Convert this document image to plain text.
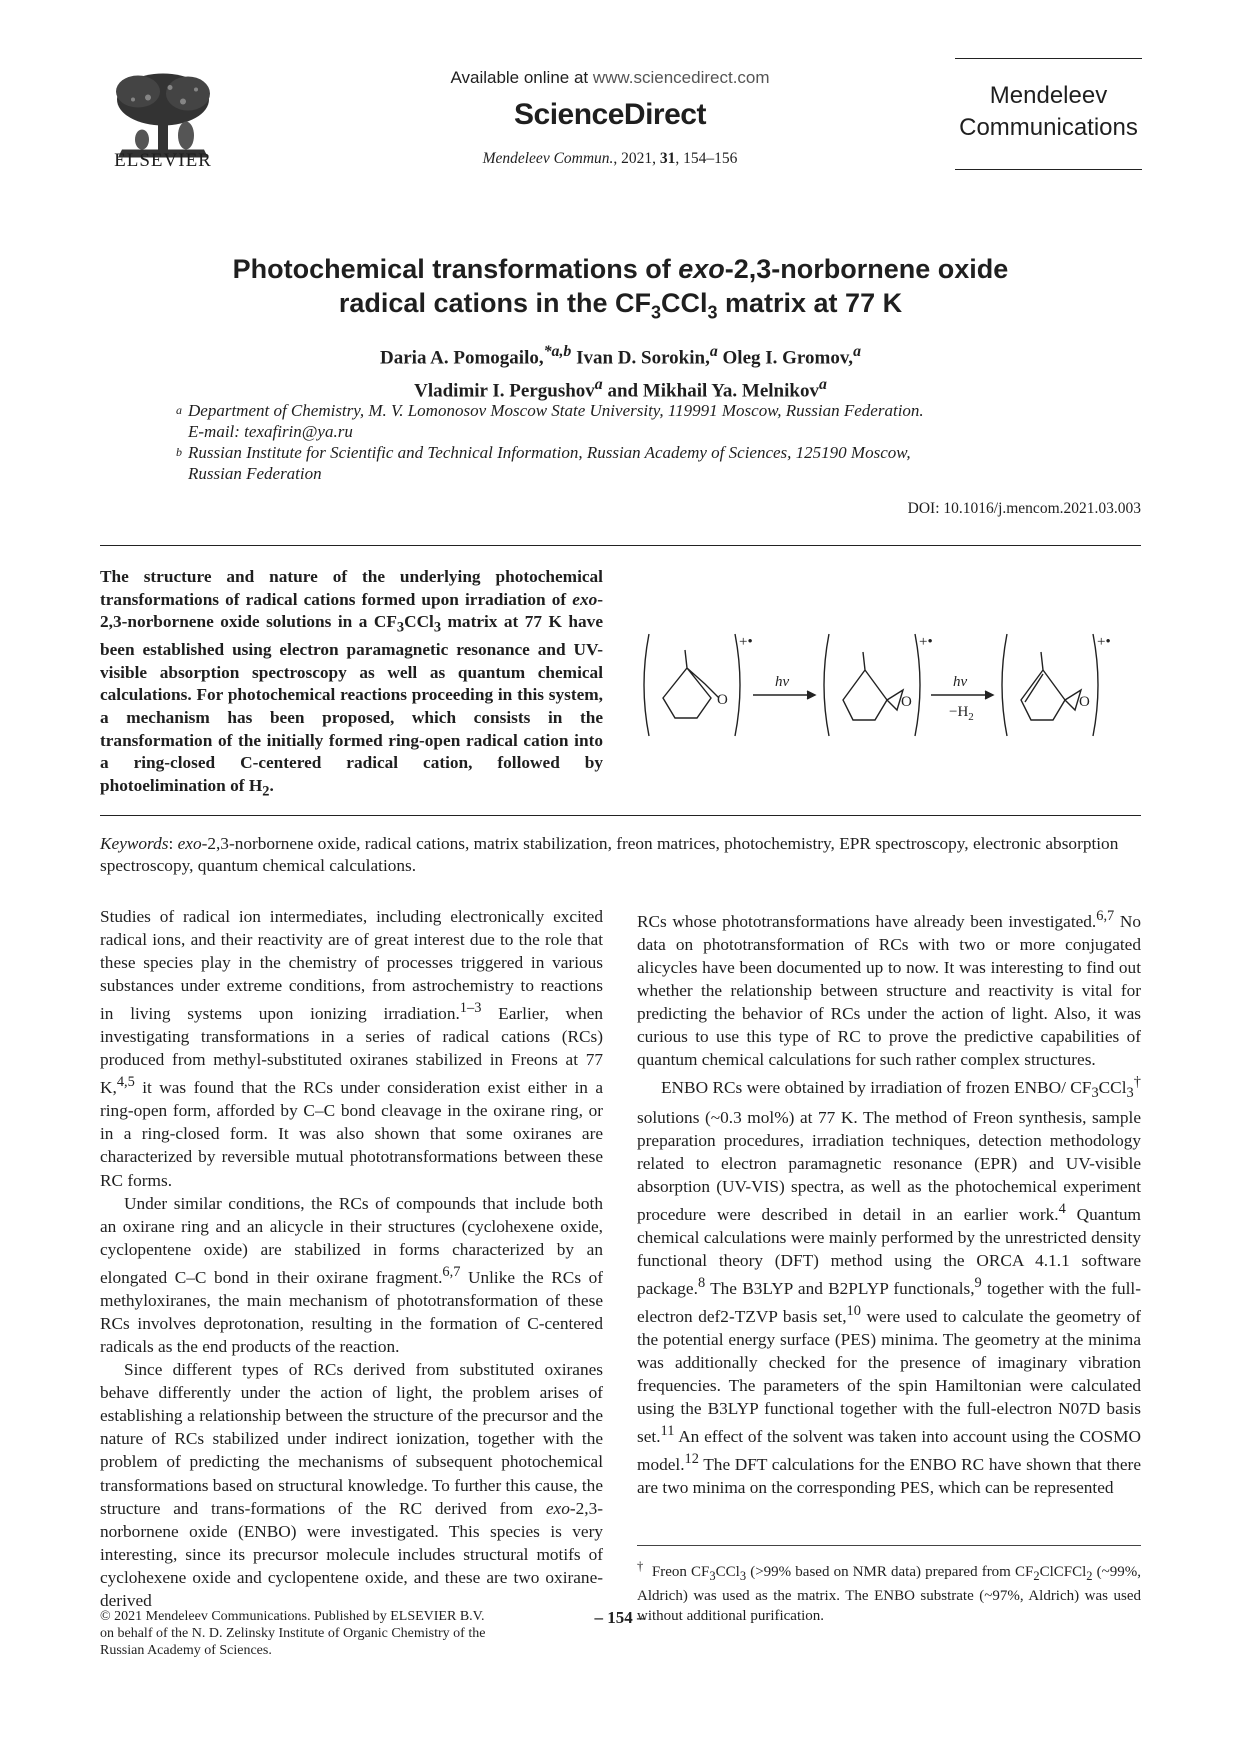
ELSEVIER
Available online at www.sciencedirect.com
ScienceDirect
Mendeleev Commun., 2021, 31, 154–156
Mendeleev
Communications
Photochemical transformations of exo-2,3-norbornene oxide
radical cations in the $CF_3CCl_3$ matrix at 77 K
Daria A. Pomogailo,$^{*a,b}$ Ivan D. Sorokin,$^a$ Oleg I. Gromov,$^a$
Vladimir I. Pergushov$^a$ and Mikhail Ya. Melnikov$^a$
a Department of Chemistry, M. V. Lomonosov Moscow State University, 119991 Moscow, Russian Federation.
E-mail: texafirin@ya.ru
b Russian Institute for Scientific and Technical Information, Russian Academy of Sciences, 125190 Moscow,
Russian Federation
DOI: 10.1016/j.mencom.2021.03.003
The structure and nature of the underlying photochemical transformations of radical cations formed upon irradiation of exo-2,3-norbornene oxide solutions in a $CF_3CCl_3$ matrix at 77 K have been established using electron paramagnetic resonance and UV-visible absorption spectroscopy as well as quantum chemical calculations. For photochemical reactions proceeding in this system, a mechanism has been proposed, which consists in the transformation of the initially formed ring-open radical cation into a ring-closed C-centered radical cation, followed by photoelimination of $H_2$.
+•
O
hν
+•
O
hν
$-H_2$
+•
O
Keywords: exo-2,3-norbornene oxide, radical cations, matrix stabilization, freon matrices, photochemistry, EPR spectroscopy, electronic absorption spectroscopy, quantum chemical calculations.

Studies of radical ion intermediates, including electronically excited radical ions, and their reactivity are of great interest due to the role that these species play in the chemistry of processes triggered in various substances under extreme conditions, from astrochemistry to reactions in living systems upon ionizing irradiation.$^{1-3}$ Earlier, when investigating transformations in a series of radical cations (RCs) produced from methyl-substituted oxiranes stabilized in Freons at 77 K,$^{4,5}$ it was found that the RCs under consideration exist either in a ring-open form, afforded by C–C bond cleavage in the oxirane ring, or in a ring-closed form. It was also shown that some oxiranes are characterized by reversible mutual phototransformations between these RC forms.

Under similar conditions, the RCs of compounds that include both an oxirane ring and an alicycle in their structures (cyclohexene oxide, cyclopentene oxide) are stabilized in forms characterized by an elongated C–C bond in their oxirane fragment.$^{6,7}$ Unlike the RCs of methyloxiranes, the main mechanism of phototransformation of these RCs involves deprotonation, resulting in the formation of C-centered radicals as the end products of the reaction.

Since different types of RCs derived from substituted oxiranes behave differently under the action of light, the problem arises of establishing a relationship between the structure of the precursor and the nature of RCs stabilized under indirect ionization, together with the problem of predicting the mechanisms of subsequent photochemical transformations based on structural knowledge. To further this cause, the structure and trans-formations of the RC derived from exo-2,3-norbornene oxide (ENBO) were investigated. This species is very interesting, since its precursor molecule includes structural motifs of cyclohexene oxide and cyclopentene oxide, and these are two oxirane-derived

RCs whose phototransformations have already been investigated.$^{6,7}$ No data on phototransformation of RCs with two or more conjugated alicycles have been documented up to now. It was interesting to find out whether the relationship between structure and reactivity is vital for predicting the behavior of RCs under the action of light. Also, it was curious to use this type of RC to prove the predictive capabilities of quantum chemical calculations for such rather complex structures.

ENBO RCs were obtained by irradiation of frozen ENBO/ $CF_3CCl_3^\dagger$ solutions (~0.3 mol%) at 77 K. The method of Freon synthesis, sample preparation procedures, irradiation techniques, detection methodology related to electron paramagnetic resonance (EPR) and UV-visible absorption (UV-VIS) spectra, as well as the photochemical experiment procedure were described in detail in an earlier work.$^4$ Quantum chemical calculations were mainly performed by the unrestricted density functional theory (DFT) method using the ORCA 4.1.1 software package.$^8$ The B3LYP and B2PLYP functionals,$^9$ together with the full-electron def2-TZVP basis set,$^{10}$ were used to calculate the geometry of the potential energy surface (PES) minima. The geometry at the minima was additionally checked for the presence of imaginary vibration frequencies. The parameters of the spin Hamiltonian were calculated using the B3LYP functional together with the full-electron N07D basis set.$^{11}$ An effect of the solvent was taken into account using the COSMO model.$^{12}$ The DFT calculations for the ENBO RC have shown that there are two minima on the corresponding PES, which can be represented

† Freon $CF_3CCl_3$ (>99% based on NMR data) prepared from $CF_2ClCFCl_2$ (~99%, Aldrich) was used as the matrix. The ENBO substrate (~97%, Aldrich) was used without additional purification.
© 2021 Mendeleev Communications. Published by ELSEVIER B.V.
on behalf of the N. D. Zelinsky Institute of Organic Chemistry of the
Russian Academy of Sciences.
– 154 –
